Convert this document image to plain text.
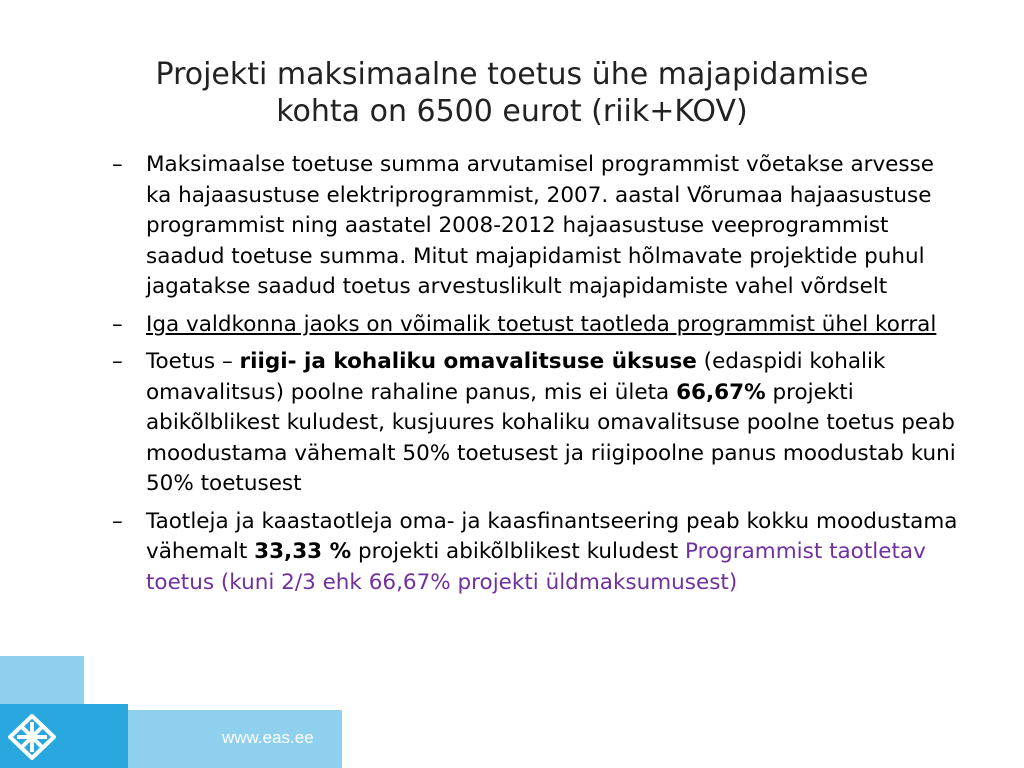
Projekti maksimaalne toetus ühe majapidamise
kohta on 6500 eurot (riik+KOV)
– Maksimaalse toetuse summa arvutamisel programmist võetakse arvesse ka hajaasustuse elektriprogrammist, 2007. aastal Võrumaa hajaasustuse programmist ning aastatel 2008-2012 hajaasustuse veeprogrammist saadud toetuse summa. Mitut majapidamist hõlmavate projektide puhul jagatakse saadud toetus arvestuslikult majapidamiste vahel võrdselt
– Iga valdkonna jaoks on võimalik toetust taotleda programmist ühel korral
– Toetus – riigi- ja kohaliku omavalitsuse üksuse (edaspidi kohalik omavalitsus) poolne rahaline panus, mis ei ületa 66,67% projekti abikõlblikest kuludest, kusjuures kohaliku omavalitsuse poolne toetus peab moodustama vähemalt 50% toetusest ja riigipoolne panus moodustab kuni 50% toetusest
– Taotleja ja kaastaotleja oma- ja kaasfinantseering peab kokku moodustama vähemalt 33,33 % projekti abikõlblikest kuludest Programmist taotletav toetus (kuni 2/3 ehk 66,67% projekti üldmaksumusest)
www.eas.ee
